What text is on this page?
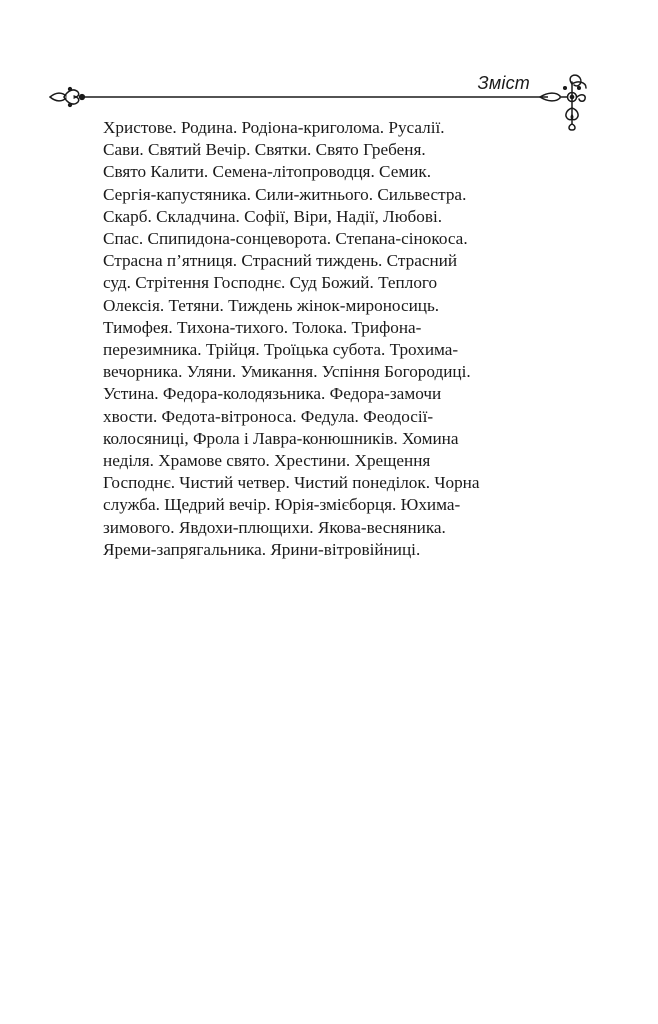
Зміст
Христове. Родина. Родіона-криголома. Русалії.
Сави. Святий Вечір. Святки. Свято Гребеня.
Свято Калити. Семена-літопроводця. Семик.
Сергія-капустяника. Сили-житнього. Сильвестра.
Скарб. Складчина. Софії, Віри, Надії, Любові.
Спас. Спипидона-сонцеворота. Степана-сінокоса.
Страсна п’ятниця. Страсний тиждень. Страсний
суд. Стрітення Господнє. Суд Божий. Теплого
Олексія. Тетяни. Тиждень жінок-мироносиць.
Тимофея. Тихона-тихого. Толока. Трифона-
перезимника. Трійця. Троїцька субота. Трохима-
вечорника. Уляни. Умикання. Успіння Богородиці.
Устина. Федора-колодязьника. Федора-замочи
хвости. Федота-вітроноса. Федула. Феодосії-
колосяниці, Фрола і Лавра-конюшників. Хомина
неділя. Храмове свято. Хрестини. Хрещення
Господнє. Чистий четвер. Чистий понеділок. Чорна
служба. Щедрий вечір. Юрія-змієборця. Юхима-
зимового. Явдохи-плющихи. Якова-весняника.
Яреми-запрягальника. Ярини-вітровійниці.
